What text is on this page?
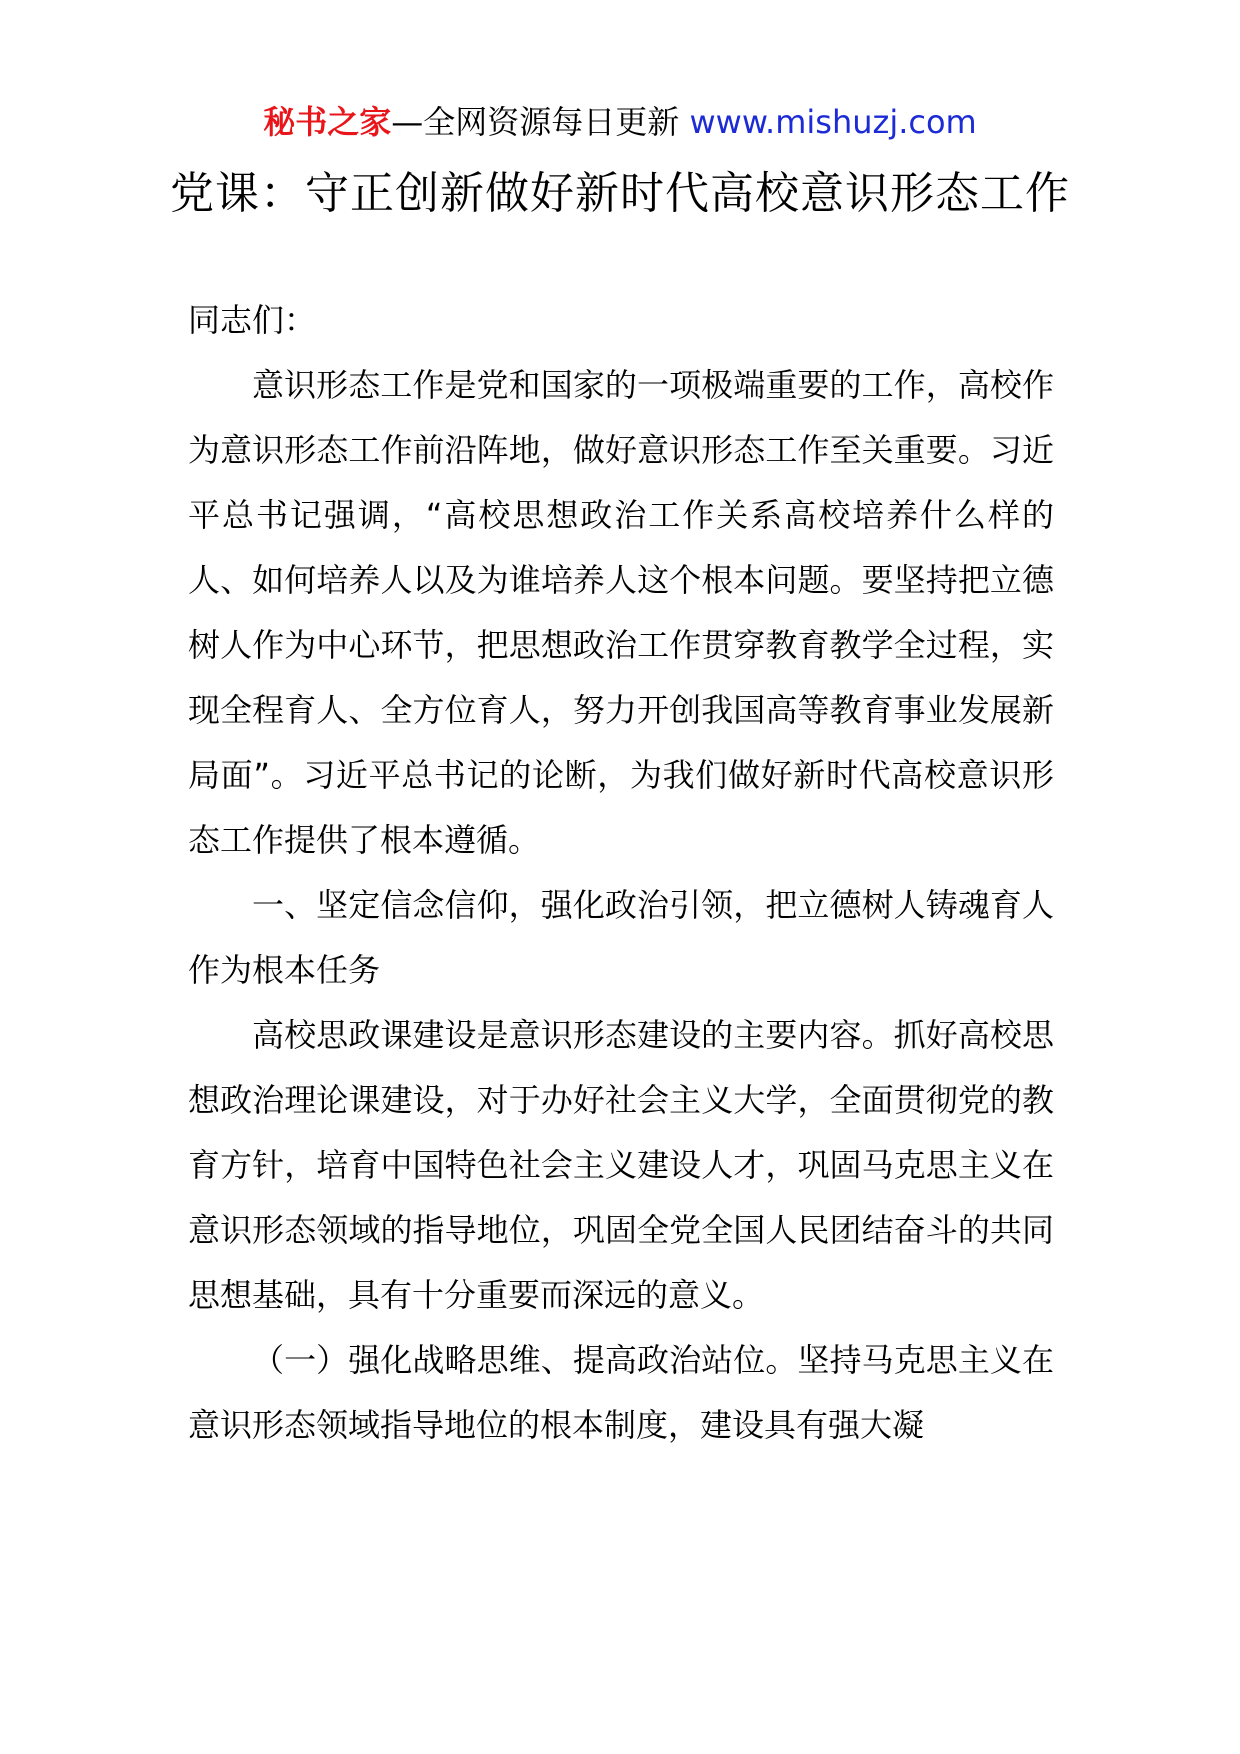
秘书之家—全网资源每日更新 www.mishuzj.com
党课：守正创新做好新时代高校意识形态工作

同志们：

意识形态工作是党和国家的一项极端重要的工作，高校作为意识形态工作前沿阵地，做好意识形态工作至关重要。习近平总书记强调，“高校思想政治工作关系高校培养什么样的人、如何培养人以及为谁培养人这个根本问题。要坚持把立德树人作为中心环节，把思想政治工作贯穿教育教学全过程，实现全程育人、全方位育人，努力开创我国高等教育事业发展新局面”。习近平总书记的论断，为我们做好新时代高校意识形态工作提供了根本遵循。

一、坚定信念信仰，强化政治引领，把立德树人铸魂育人作为根本任务

高校思政课建设是意识形态建设的主要内容。抓好高校思想政治理论课建设，对于办好社会主义大学，全面贯彻党的教育方针，培育中国特色社会主义建设人才，巩固马克思主义在意识形态领域的指导地位，巩固全党全国人民团结奋斗的共同思想基础，具有十分重要而深远的意义。

（一）强化战略思维、提高政治站位。坚持马克思主义在意识形态领域指导地位的根本制度，建设具有强大凝
